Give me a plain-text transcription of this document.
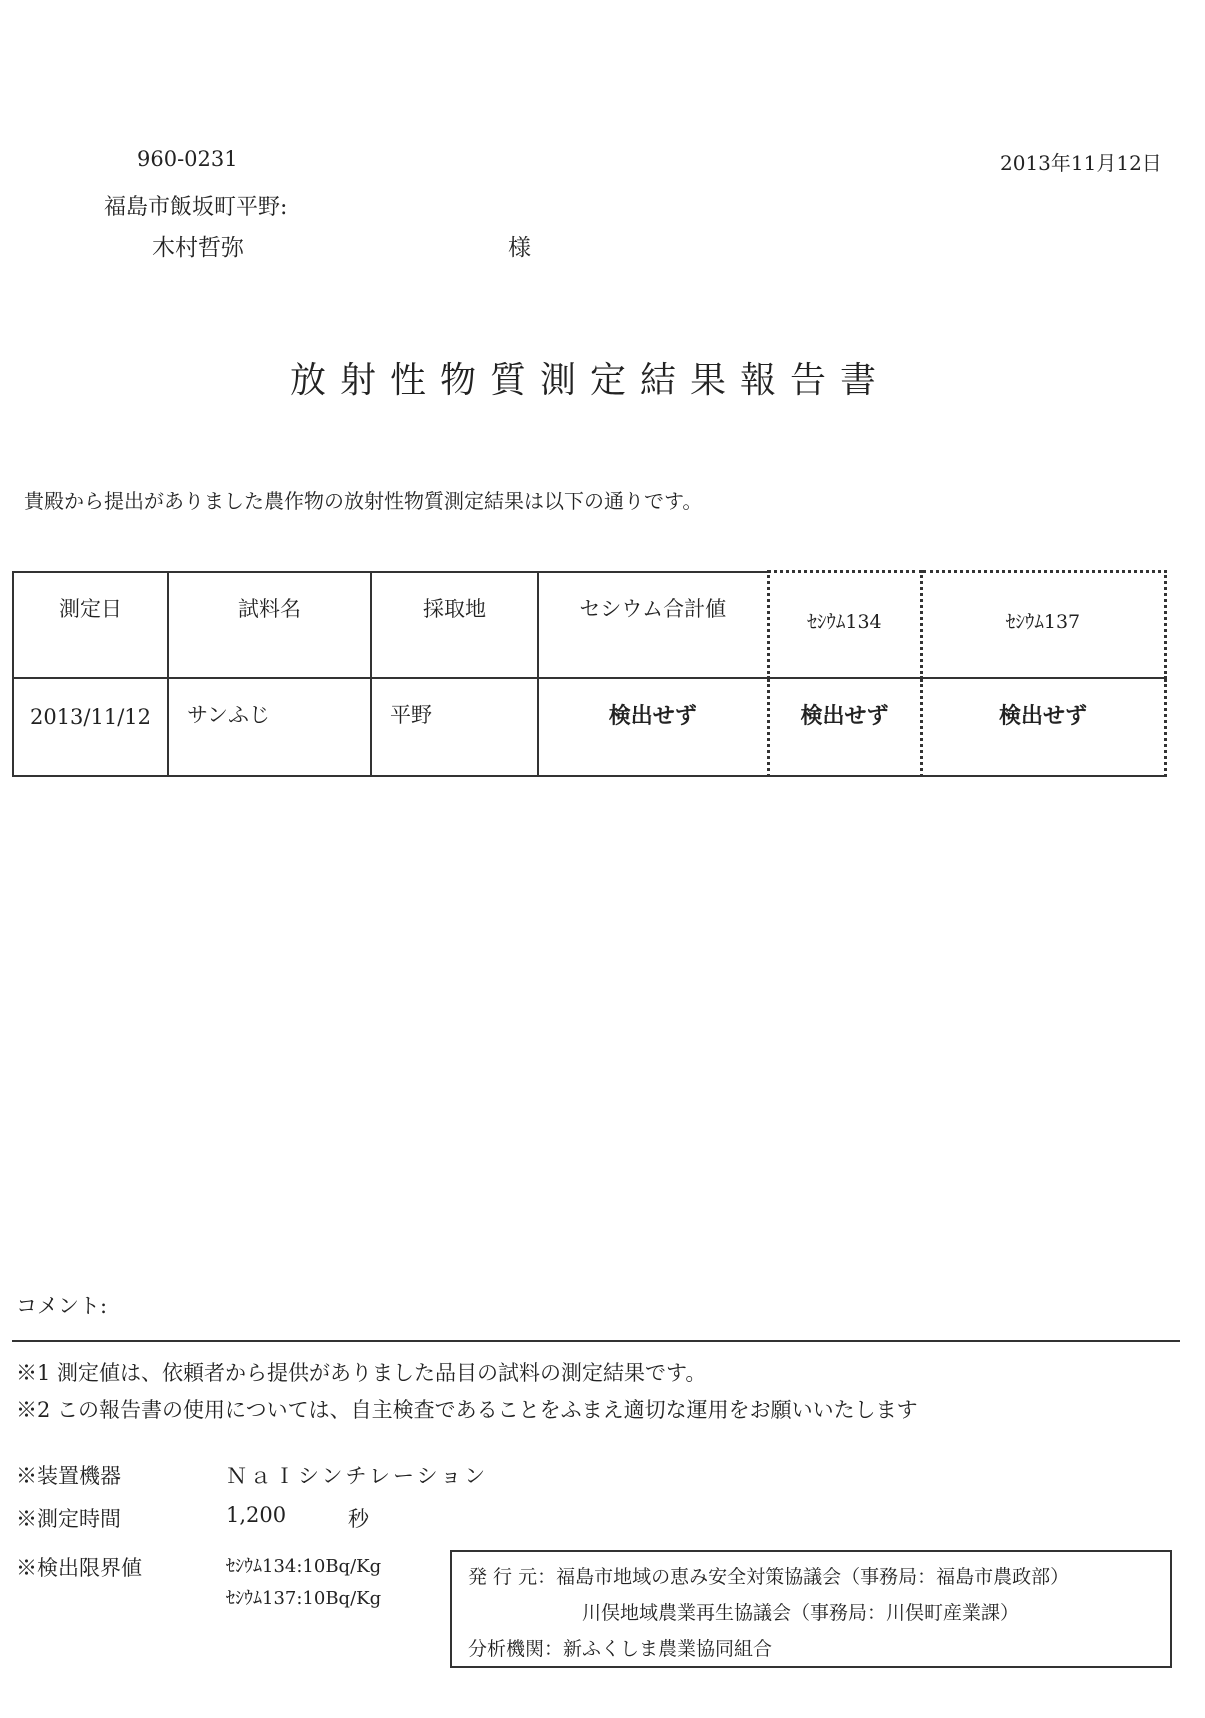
960-0231	2013年11月12日
福島市飯坂町平野:
木村哲弥	様
放射性物質測定結果報告書
貴殿から提出がありました農作物の放射性物質測定結果は以下の通りです。
測定日	試料名	採取地	セシウム合計値	ｾｼｳﾑ134	ｾｼｳﾑ137
2013/11/12	サンふじ	平野	検出せず	検出せず	検出せず
コメント:
※1 測定値は、依頼者から提供がありました品目の試料の測定結果です。
※2 この報告書の使用については、自主検査であることをふまえ適切な運用をお願いいたします
※装置機器	ＮａＩシンチレーション
※測定時間	1,200	秒
※検出限界値	ｾｼｳﾑ134:10Bq/Kg
ｾｼｳﾑ137:10Bq/Kg
発 行 元：福島市地域の恵み安全対策協議会（事務局：福島市農政部）
川俣地域農業再生協議会（事務局：川俣町産業課）
分析機関：新ふくしま農業協同組合
